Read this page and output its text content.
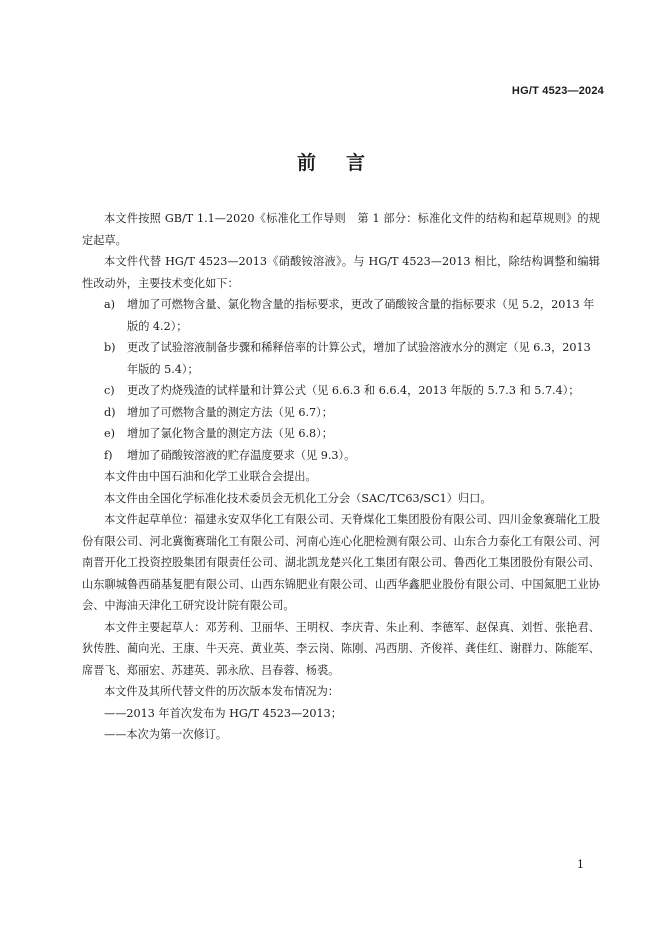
HG/T 4523—2024
前言

本文件按照 GB/T 1.1—2020《标准化工作导则　第 1 部分：标准化文件的结构和起草规则》的规定起草。

本文件代替 HG/T 4523—2013《硝酸铵溶液》。与 HG/T 4523—2013 相比，除结构调整和编辑性改动外，主要技术变化如下：

a)	增加了可燃物含量、氯化物含量的指标要求，更改了硝酸铵含量的指标要求（见 5.2，2013 年版的 4.2）；
b)	更改了试验溶液制备步骤和稀释倍率的计算公式，增加了试验溶液水分的测定（见 6.3，2013 年版的 5.4）；
c)	更改了灼烧残渣的试样量和计算公式（见 6.6.3 和 6.6.4，2013 年版的 5.7.3 和 5.7.4）；
d)	增加了可燃物含量的测定方法（见 6.7）；
e)	增加了氯化物含量的测定方法（见 6.8）；
f)	增加了硝酸铵溶液的贮存温度要求（见 9.3）。

本文件由中国石油和化学工业联合会提出。

本文件由全国化学标准化技术委员会无机化工分会（SAC/TC63/SC1）归口。

本文件起草单位：福建永安双华化工有限公司、天脊煤化工集团股份有限公司、四川金象赛瑞化工股份有限公司、河北冀衡赛瑞化工有限公司、河南心连心化肥检测有限公司、山东合力泰化工有限公司、河南晋开化工投资控股集团有限责任公司、湖北凯龙楚兴化工集团有限公司、鲁西化工集团股份有限公司、山东聊城鲁西硝基复肥有限公司、山西东锦肥业有限公司、山西华鑫肥业股份有限公司、中国氮肥工业协会、中海油天津化工研究设计院有限公司。

本文件主要起草人：邓芳利、卫丽华、王明权、李庆青、朱止利、李德军、赵保真、刘哲、张艳君、狄传胜、蔺向光、王康、牛天亮、黄业英、李云岗、陈刚、冯西朋、齐俊祥、龚佳红、谢群力、陈能军、席晋飞、郑丽宏、苏建英、郭永欣、吕春蓉、杨裘。

本文件及其所代替文件的历次版本发布情况为：

——2013 年首次发布为 HG/T 4523—2013；

——本次为第一次修订。

1
